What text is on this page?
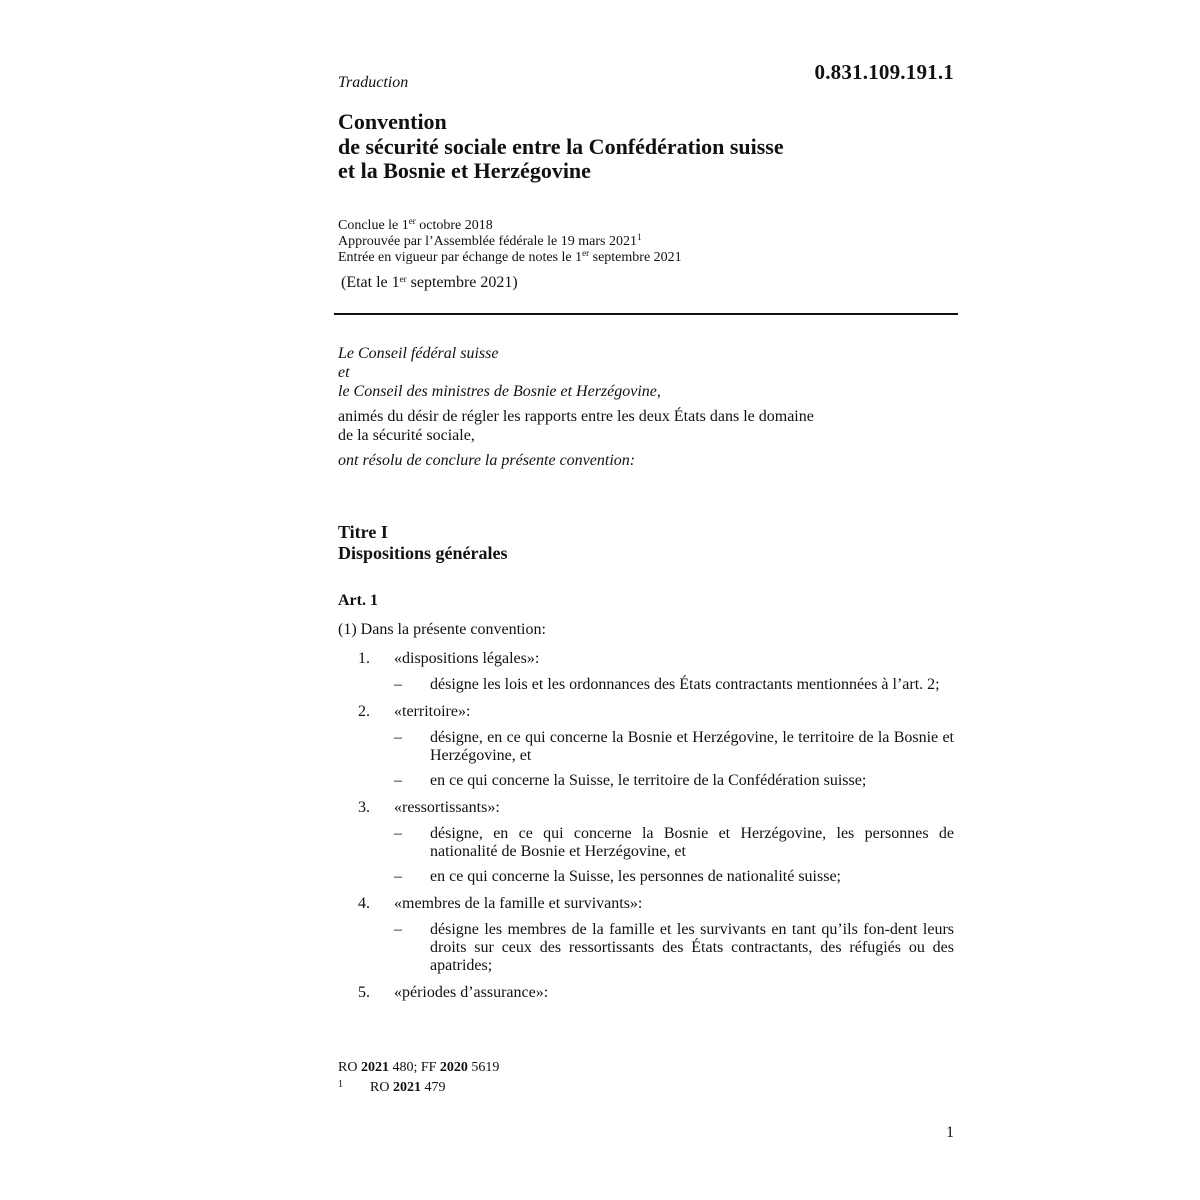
0.831.109.191.1
Traduction
Convention
de sécurité sociale entre la Confédération suisse
et la Bosnie et Herzégovine
Conclue le 1er octobre 2018
Approuvée par l’Assemblée fédérale le 19 mars 2021$^1$
Entrée en vigueur par échange de notes le 1er septembre 2021
(Etat le 1er septembre 2021)
Le Conseil fédéral suisse
et
le Conseil des ministres de Bosnie et Herzégovine,
animés du désir de régler les rapports entre les deux États dans le domaine
de la sécurité sociale,
ont résolu de conclure la présente convention:
Titre I
Dispositions générales
Art. 1
(1) Dans la présente convention:
1. «dispositions légales»:
– désigne les lois et les ordonnances des États contractants mentionnées à l’art. 2;
2. «territoire»:
– désigne, en ce qui concerne la Bosnie et Herzégovine, le territoire de la Bosnie et Herzégovine, et
– en ce qui concerne la Suisse, le territoire de la Confédération suisse;
3. «ressortissants»:
– désigne, en ce qui concerne la Bosnie et Herzégovine, les personnes de nationalité de Bosnie et Herzégovine, et
– en ce qui concerne la Suisse, les personnes de nationalité suisse;
4. «membres de la famille et survivants»:
– désigne les membres de la famille et les survivants en tant qu’ils fon-dent leurs droits sur ceux des ressortissants des États contractants, des réfugiés ou des apatrides;
5. «périodes d’assurance»:
RO 2021 480; FF 2020 5619
1 RO 2021 479
1
